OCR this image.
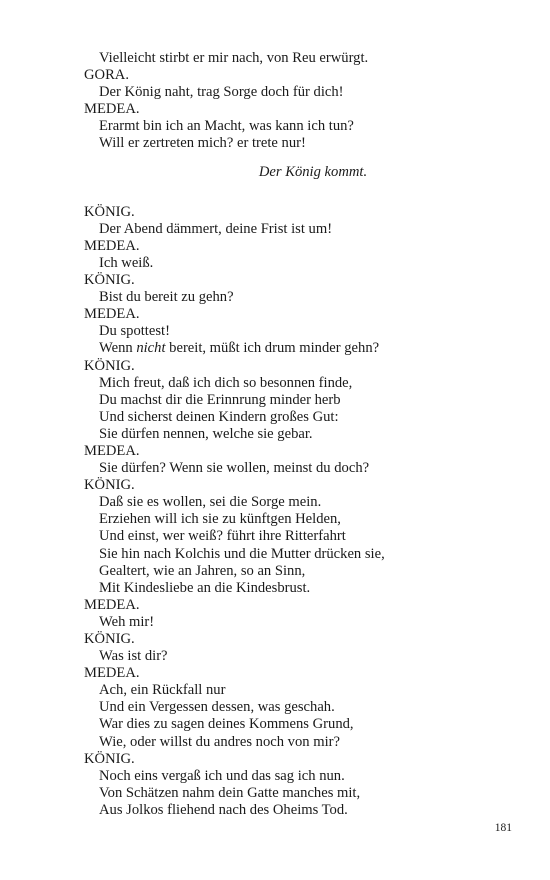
Vielleicht stirbt er mir nach, von Reu erwürgt.
GORA.
Der König naht, trag Sorge doch für dich!
MEDEA.
Erarmt bin ich an Macht, was kann ich tun?
Will er zertreten mich? er trete nur!
Der König kommt.
KÖNIG.
Der Abend dämmert, deine Frist ist um!
MEDEA.
Ich weiß.
KÖNIG.
Bist du bereit zu gehn?
MEDEA.
Du spottest!
Wenn nicht bereit, müßt ich drum minder gehn?
KÖNIG.
Mich freut, daß ich dich so besonnen finde,
Du machst dir die Erinnrung minder herb
Und sicherst deinen Kindern großes Gut:
Sie dürfen nennen, welche sie gebar.
MEDEA.
Sie dürfen? Wenn sie wollen, meinst du doch?
KÖNIG.
Daß sie es wollen, sei die Sorge mein.
Erziehen will ich sie zu künftgen Helden,
Und einst, wer weiß? führt ihre Ritterfahrt
Sie hin nach Kolchis und die Mutter drücken sie,
Gealtert, wie an Jahren, so an Sinn,
Mit Kindesliebe an die Kindesbrust.
MEDEA.
Weh mir!
KÖNIG.
Was ist dir?
MEDEA.
Ach, ein Rückfall nur
Und ein Vergessen dessen, was geschah.
War dies zu sagen deines Kommens Grund,
Wie, oder willst du andres noch von mir?
KÖNIG.
Noch eins vergaß ich und das sag ich nun.
Von Schätzen nahm dein Gatte manches mit,
Aus Jolkos fliehend nach des Oheims Tod.
181
